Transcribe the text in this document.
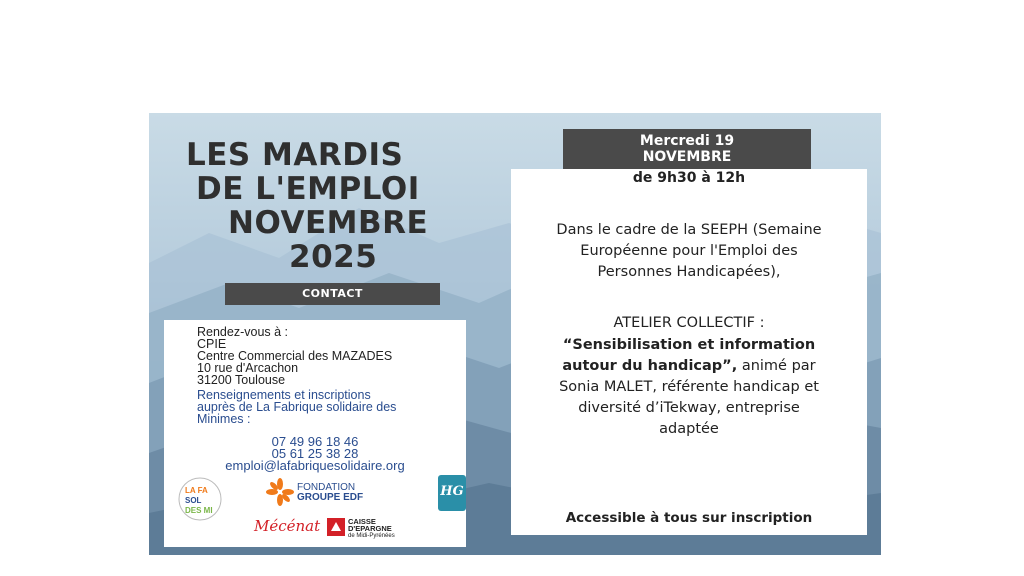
LES MARDIS
DE L'EMPLOI
NOVEMBRE
2025
CONTACT
Rendez-vous à :
CPIE
Centre Commercial des MAZADES
10 rue d'Arcachon
31200 Toulouse
Renseignements et inscriptions
auprès de La Fabrique solidaire des
Minimes :
07 49 96 18 46
05 61 25 38 28
emploi@lafabriquesolidaire.org
LA FA
SOL
DES MI
FONDATION
GROUPE EDF
Mécénat	CAISSE
D'EPARGNE
de Midi-Pyrénées
HG
Mercredi 19
NOVEMBRE
de 9h30 à 12h
Dans le cadre de la SEEPH (Semaine
Européenne pour l'Emploi des
Personnes Handicapées),
ATELIER COLLECTIF :
“Sensibilisation et information
autour du handicap”, animé par
Sonia MALET, référente handicap et
diversité d’iTekway, entreprise
adaptée
Accessible à tous sur inscription
